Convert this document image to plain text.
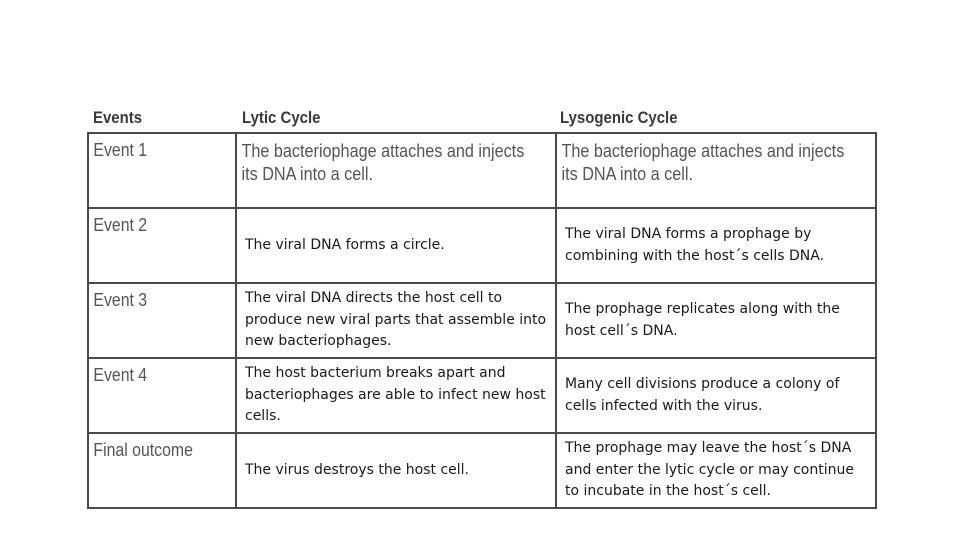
Events	Lytic Cycle	Lysogenic Cycle
Event 1	The bacteriophage attaches and injects its DNA into a cell.	The bacteriophage attaches and injects its DNA into a cell.

Event 2	The viral DNA forms a circle.	The viral DNA forms a prophage by combining with the host´s cells DNA.

Event 3	The viral DNA directs the host cell to produce new viral parts that assemble into new bacteriophages.	The prophage replicates along with the host cell´s DNA.

Event 4	The host bacterium breaks apart and bacteriophages are able to infect new host cells.	Many cell divisions produce a colony of cells infected with the virus.

Final outcome	The virus destroys the host cell.	The prophage may leave the host´s DNA and enter the lytic cycle or may continue to incubate in the host´s cell.
